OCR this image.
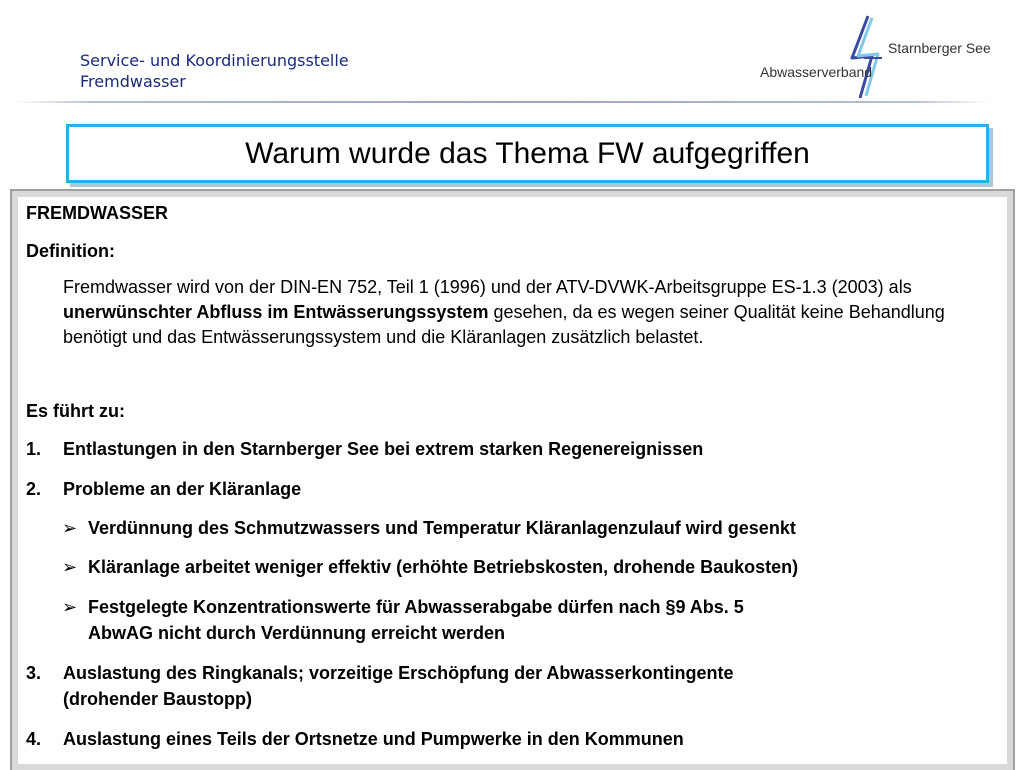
Service- und Koordinierungsstelle
Fremdwasser
Starnberger See
Abwasserverband
Warum wurde das Thema FW aufgegriffen
FREMDWASSER
Definition:
Fremdwasser wird von der DIN-EN 752, Teil 1 (1996) und der ATV-DVWK-Arbeitsgruppe ES-1.3 (2003) als unerwünschter Abfluss im Entwässerungssystem gesehen, da es wegen seiner Qualität keine Behandlung benötigt und das Entwässerungssystem und die Kläranlagen zusätzlich belastet.
Es führt zu:
1. Entlastungen in den Starnberger See bei extrem starken Regenereignissen
2. Probleme an der Kläranlage
➢ Verdünnung des Schmutzwassers und Temperatur Kläranlagenzulauf wird gesenkt
➢ Kläranlage arbeitet weniger effektiv (erhöhte Betriebskosten, drohende Baukosten)
➢ Festgelegte Konzentrationswerte für Abwasserabgabe dürfen nach §9 Abs. 5
AbwAG nicht durch Verdünnung erreicht werden
3. Auslastung des Ringkanals; vorzeitige Erschöpfung der Abwasserkontingente
(drohender Baustopp)
4. Auslastung eines Teils der Ortsnetze und Pumpwerke in den Kommunen
